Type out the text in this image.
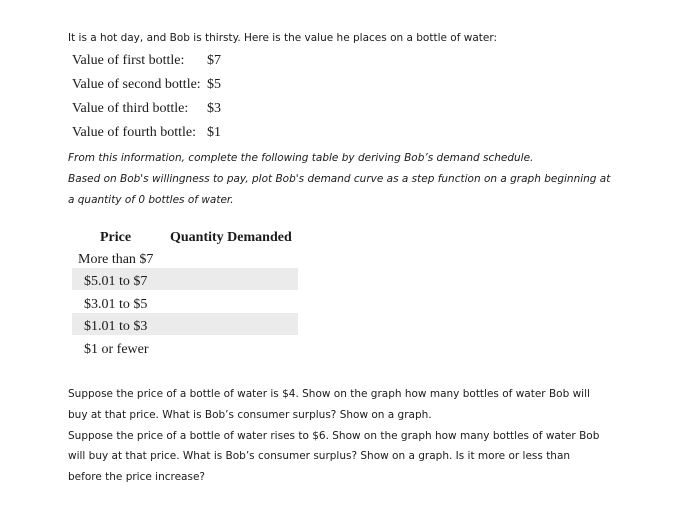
It is a hot day, and Bob is thirsty. Here is the value he places on a bottle of water:
Value of first bottle: $7
Value of second bottle: $5
Value of third bottle: $3
Value of fourth bottle: $1
From this information, complete the following table by deriving Bob’s demand schedule.
Based on Bob's willingness to pay, plot Bob's demand curve as a step function on a graph beginning at
a quantity of 0 bottles of water.
Price	Quantity Demanded
More than $7
$5.01 to $7
$3.01 to $5
$1.01 to $3
$1 or fewer
Suppose the price of a bottle of water is $4. Show on the graph how many bottles of water Bob will
buy at that price. What is Bob’s consumer surplus? Show on a graph.
Suppose the price of a bottle of water rises to $6. Show on the graph how many bottles of water Bob
will buy at that price. What is Bob’s consumer surplus? Show on a graph. Is it more or less than
before the price increase?
